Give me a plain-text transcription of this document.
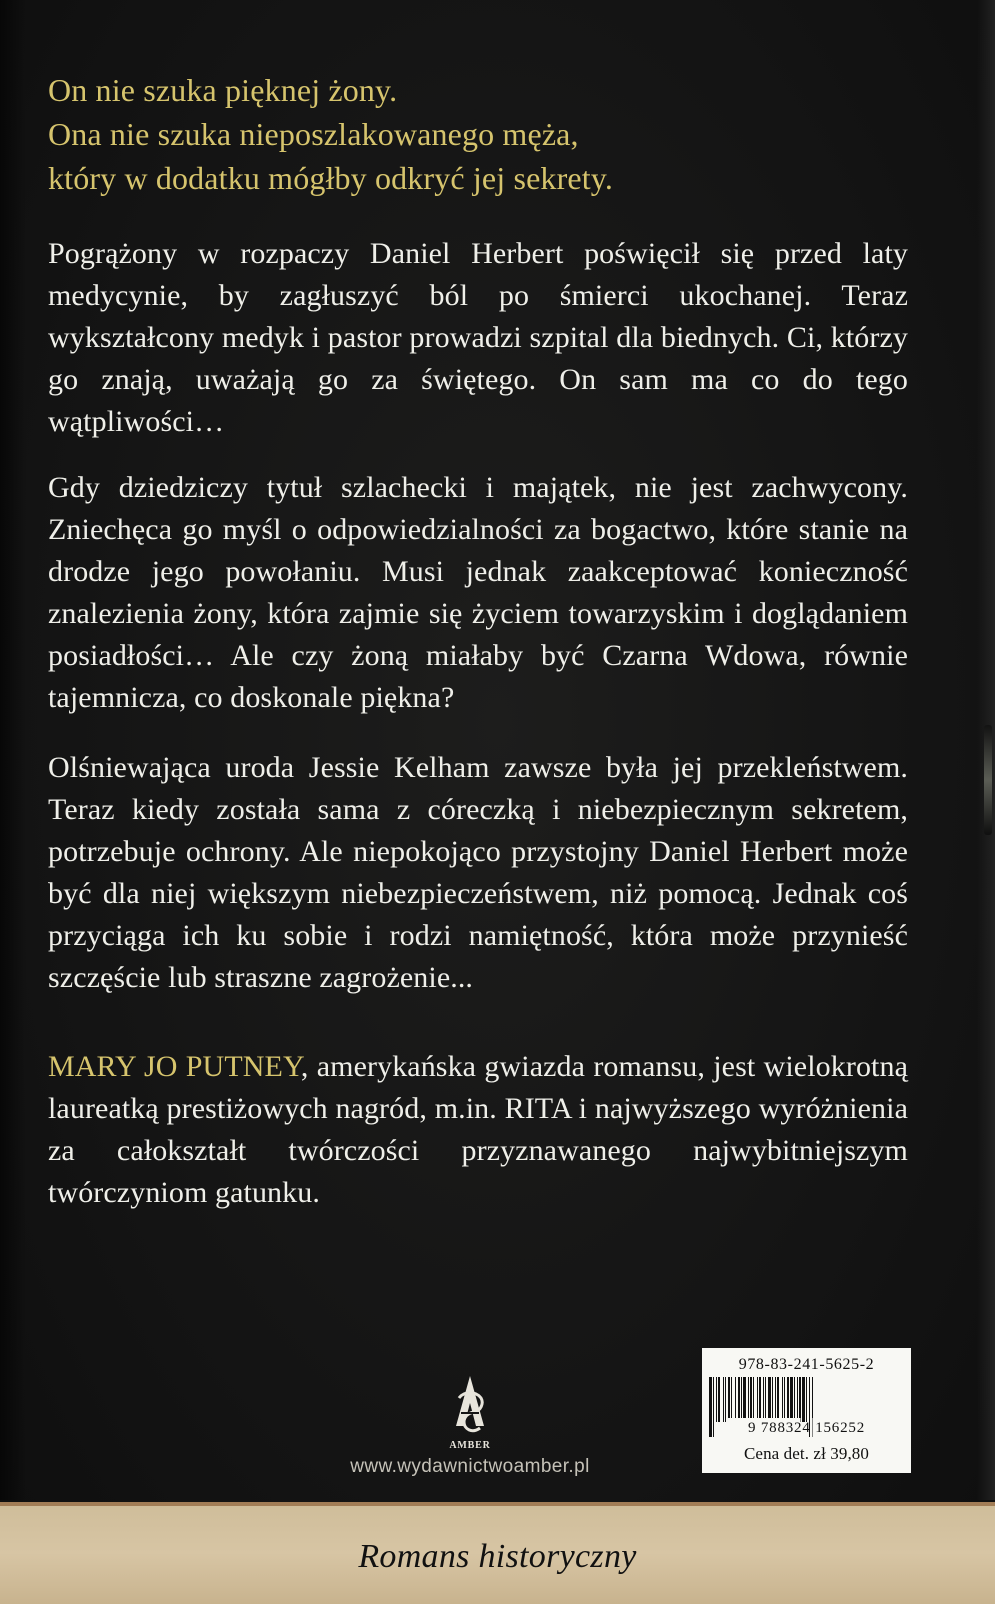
On nie szuka pięknej żony.
Ona nie szuka nieposzlakowanego męża,
który w dodatku mógłby odkryć jej sekrety.

Pogrążony w rozpaczy Daniel Herbert poświęcił się przed laty medycynie, by zagłuszyć ból po śmierci ukochanej. Teraz wykształcony medyk i pastor prowadzi szpital dla biednych. Ci, którzy go znają, uważają go za świętego. On sam ma co do tego wątpliwości…

Gdy dziedziczy tytuł szlachecki i majątek, nie jest zachwycony. Zniechęca go myśl o odpowiedzialności za bogactwo, które stanie na drodze jego powołaniu. Musi jednak zaakceptować konieczność znalezienia żony, która zajmie się życiem towarzyskim i doglądaniem posiadłości… Ale czy żoną miałaby być Czarna Wdowa, równie tajemnicza, co doskonale piękna?

Olśniewająca uroda Jessie Kelham zawsze była jej przekleństwem. Teraz kiedy została sama z córeczką i niebezpiecznym sekretem, potrzebuje ochrony. Ale niepokojąco przystojny Daniel Herbert może być dla niej większym niebezpieczeństwem, niż pomocą. Jednak coś przyciąga ich ku sobie i rodzi namiętność, która może przynieść szczęście lub straszne zagrożenie...

MARY JO PUTNEY, amerykańska gwiazda romansu, jest wielokrotną laureatką prestiżowych nagród, m.in. RITA i najwyższego wyróżnienia za całokształt twórczości przyznawanego najwybitniejszym twórczyniom gatunku.

AMBER
www.wydawnictwoamber.pl
978-83-241-5625-2
9 788324 156252
Cena det. zł 39,80
Romans historyczny
